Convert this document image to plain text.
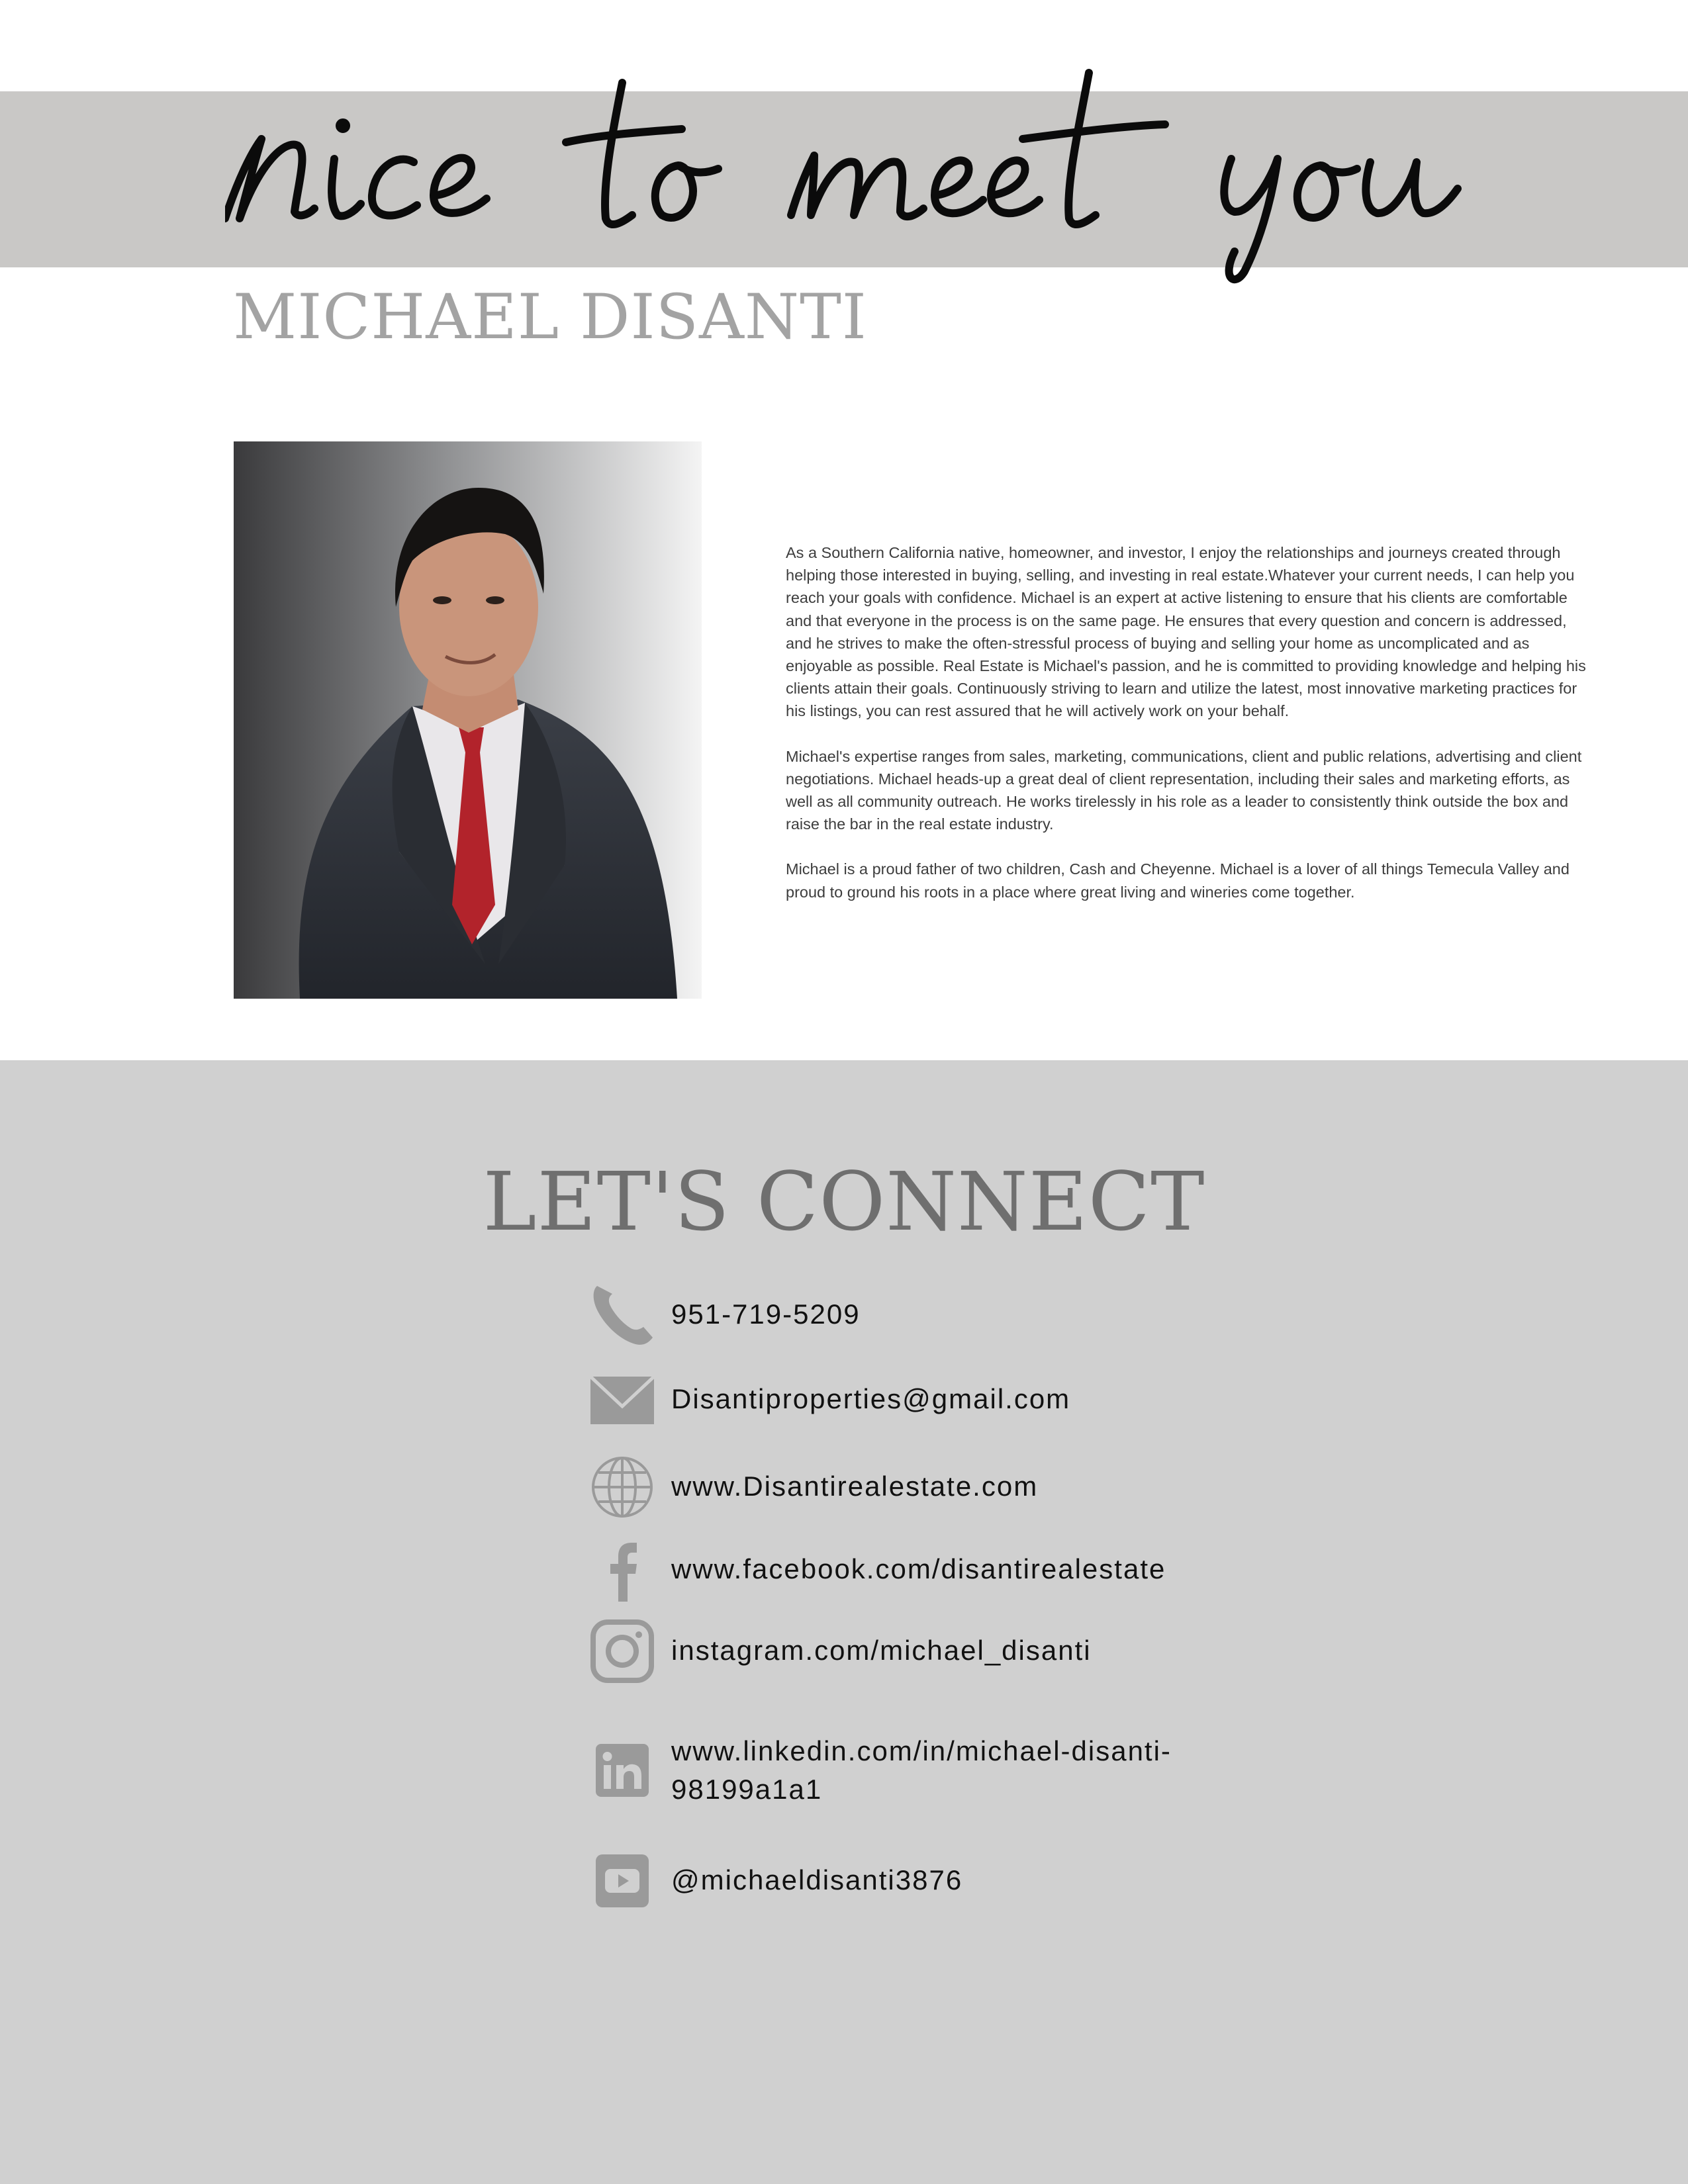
MICHAEL DISANTI

As a Southern California native, homeowner, and investor, I enjoy the relationships and journeys created through helping those interested in buying, selling, and investing in real estate.Whatever your current needs, I can help you reach your goals with confidence. Michael is an expert at active listening to ensure that his clients are comfortable and that everyone in the process is on the same page. He ensures that every question and concern is addressed, and he strives to make the often-stressful process of buying and selling your home as uncomplicated and as enjoyable as possible. Real Estate is Michael's passion, and he is committed to providing knowledge and helping his clients attain their goals. Continuously striving to learn and utilize the latest, most innovative marketing practices for his listings, you can rest assured that he will actively work on your behalf.

Michael's expertise ranges from sales, marketing, communications, client and public relations, advertising and client negotiations. Michael heads-up a great deal of client representation, including their sales and marketing efforts, as well as all community outreach. He works tirelessly in his role as a leader to consistently think outside the box and raise the bar in the real estate industry.

Michael is a proud father of two children, Cash and Cheyenne. Michael is a lover of all things Temecula Valley and proud to ground his roots in a place where great living and wineries come together.

LET'S CONNECT
951-719-5209
Disantiproperties@gmail.com
www.Disantirealestate.com
www.facebook.com/disantirealestate
instagram.com/michael_disanti
www.linkedin.com/in/michael-disanti-
98199a1a1
@michaeldisanti3876
